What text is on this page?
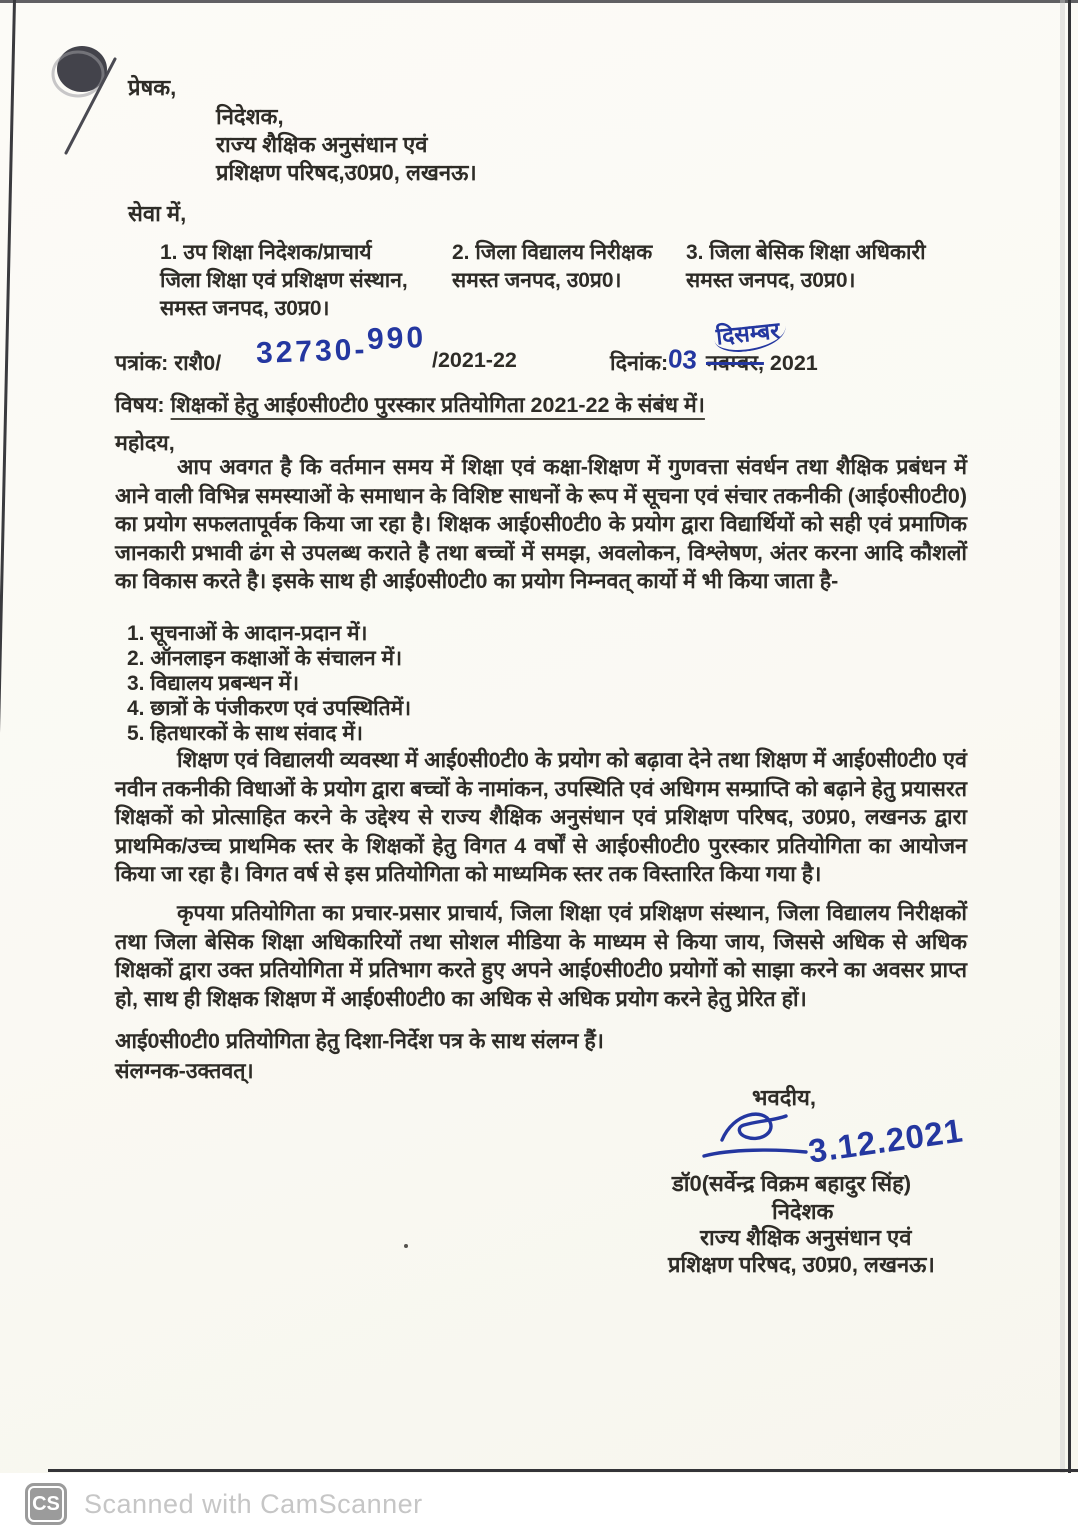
प्रेषक,
निदेशक,
राज्य शैक्षिक अनुसंधान एवं
प्रशिक्षण परिषद,उ0प्र0, लखनऊ।
सेवा में,
1. उप शिक्षा निदेशक/प्राचार्य
जिला शिक्षा एवं प्रशिक्षण संस्थान,
समस्त जनपद, उ0प्र0।
2. जिला विद्यालय निरीक्षक
समस्त जनपद, उ0प्र0।
3. जिला बेसिक शिक्षा अधिकारी
समस्त जनपद, उ0प्र0।
पत्रांक: राशै0/ 32730-990
/2021-22	दिनांक:
03 नवम्बर, 2021
दिसम्बर
विषय: शिक्षकों हेतु आई0सी0टी0 पुरस्कार प्रतियोगिता 2021-22 के संबंध में।
महोदय,
आप अवगत है कि वर्तमान समय में शिक्षा एवं कक्षा-शिक्षण में गुणवत्ता संवर्धन तथा शैक्षिक प्रबंधन में आने वाली विभिन्न समस्याओं के समाधान के विशिष्ट साधनों के रूप में सूचना एवं संचार तकनीकी (आई0सी0टी0) का प्रयोग सफलतापूर्वक किया जा रहा है। शिक्षक आई0सी0टी0 के प्रयोग द्वारा विद्यार्थियों को सही एवं प्रमाणिक जानकारी प्रभावी ढंग से उपलब्ध कराते है तथा बच्चों में समझ, अवलोकन, विश्लेषण, अंतर करना आदि कौशलों का विकास करते है। इसके साथ ही आई0सी0टी0 का प्रयोग निम्नवत् कार्यो में भी किया जाता है-
1. सूचनाओं के आदान-प्रदान में।
2. ऑनलाइन कक्षाओं के संचालन में।
3. विद्यालय प्रबन्धन में।
4. छात्रों के पंजीकरण एवं उपस्थितिमें।
5. हितधारकों के साथ संवाद में।
शिक्षण एवं विद्यालयी व्यवस्था में आई0सी0टी0 के प्रयोग को बढ़ावा देने तथा शिक्षण में आई0सी0टी0 एवं नवीन तकनीकी विधाओं के प्रयोग द्वारा बच्चों के नामांकन, उपस्थिति एवं अधिगम सम्प्राप्ति को बढ़ाने हेतु प्रयासरत शिक्षकों को प्रोत्साहित करने के उद्देश्य से राज्य शैक्षिक अनुसंधान एवं प्रशिक्षण परिषद, उ0प्र0, लखनऊ द्वारा प्राथमिक/उच्च प्राथमिक स्तर के शिक्षकों हेतु विगत 4 वर्षों से आई0सी0टी0 पुरस्कार प्रतियोगिता का आयोजन किया जा रहा है। विगत वर्ष से इस प्रतियोगिता को माध्यमिक स्तर तक विस्तारित किया गया है।
कृपया प्रतियोगिता का प्रचार-प्रसार प्राचार्य, जिला शिक्षा एवं प्रशिक्षण संस्थान, जिला विद्यालय निरीक्षकों तथा जिला बेसिक शिक्षा अधिकारियों तथा सोशल मीडिया के माध्यम से किया जाय, जिससे अधिक से अधिक शिक्षकों द्वारा उक्त प्रतियोगिता में प्रतिभाग करते हुए अपने आई0सी0टी0 प्रयोगों को साझा करने का अवसर प्राप्त हो, साथ ही शिक्षक शिक्षण में आई0सी0टी0 का अधिक से अधिक प्रयोग करने हेतु प्रेरित हों।
आई0सी0टी0 प्रतियोगिता हेतु दिशा-निर्देश पत्र के साथ संलग्न हैं।
संलग्नक-उक्तवत्।
भवदीय,
3.12.2021
डॉ0(सर्वेन्द्र विक्रम बहादुर सिंह)
निदेशक
राज्य शैक्षिक अनुसंधान एवं
प्रशिक्षण परिषद, उ0प्र0, लखनऊ।
CS Scanned with CamScanner
